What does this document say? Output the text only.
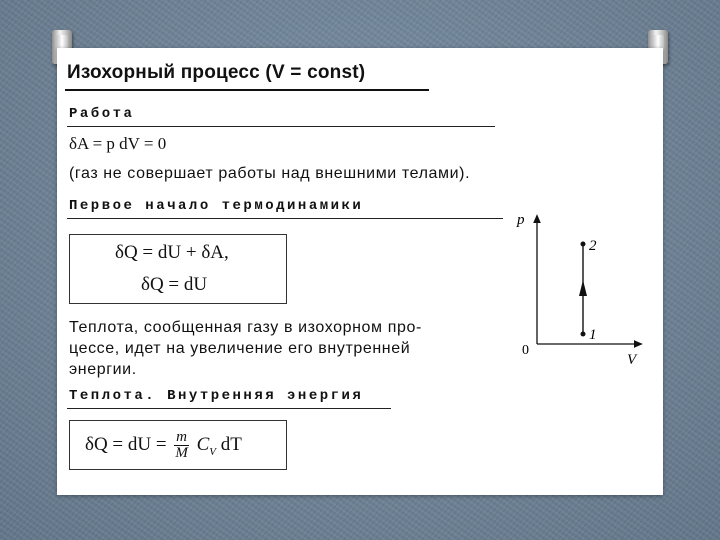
Изохорный процесс (V = const)
Работа
δA = p dV = 0
(газ не совершает работы над внешними телами).
Первое начало термодинамики
δQ = dU + δA,
δQ = dU
Теплота, сообщенная газу в изохорном про-
цессе, идет на увеличение его внутренней
энергии.
Теплота. Внутренняя энергия
δQ = dU = $\frac{m}{M} C_V$ dT
p
V
0
2
1
